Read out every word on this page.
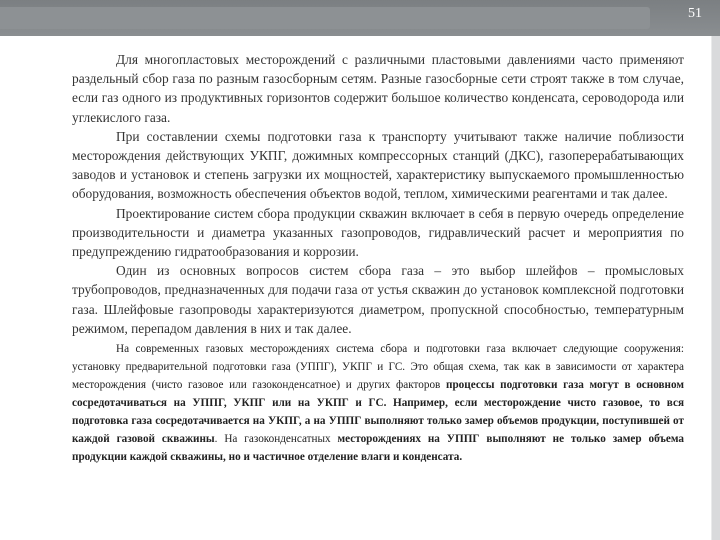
51

Для многопластовых месторождений с различными пластовыми давлениями часто применяют раздельный сбор газа по разным газосборным сетям. Разные газосборные сети строят также в том случае, если газ одного из продуктивных горизонтов содержит большое количество конденсата, сероводорода или углекислого газа.

При составлении схемы подготовки газа к транспорту учитывают также наличие поблизости месторождения действующих УКПГ, дожимных компрессорных станций (ДКС), газоперерабатывающих заводов и установок и степень загрузки их мощностей, характеристику выпускаемого промышленностью оборудования, возможность обеспечения объектов водой, теплом, химическими реагентами и так далее.

Проектирование систем сбора продукции скважин включает в себя в первую очередь определение производительности и диаметра указанных газопроводов, гидравлический расчет и мероприятия по предупреждению гидратообразования и коррозии.

Один из основных вопросов систем сбора газа – это выбор шлейфов – промысловых трубопроводов, предназначенных для подачи газа от устья скважин до установок комплексной подготовки газа. Шлейфовые газопроводы характеризуются диаметром, пропускной способностью, температурным режимом, перепадом давления в них и так далее.

На современных газовых месторождениях система сбора и подготовки газа включает следующие сооружения: установку предварительной подготовки газа (УППГ), УКПГ и ГС. Это общая схема, так как в зависимости от характера месторождения (чисто газовое или газоконденсатное) и других факторов процессы подготовки газа могут в основном сосредотачиваться на УППГ, УКПГ или на УКПГ и ГС. Например, если месторождение чисто газовое, то вся подготовка газа сосредотачивается на УКПГ, а на УППГ выполняют только замер объемов продукции, поступившей от каждой газовой скважины. На газоконденсатных месторождениях на УППГ выполняют не только замер объема продукции каждой скважины, но и частичное отделение влаги и конденсата.
